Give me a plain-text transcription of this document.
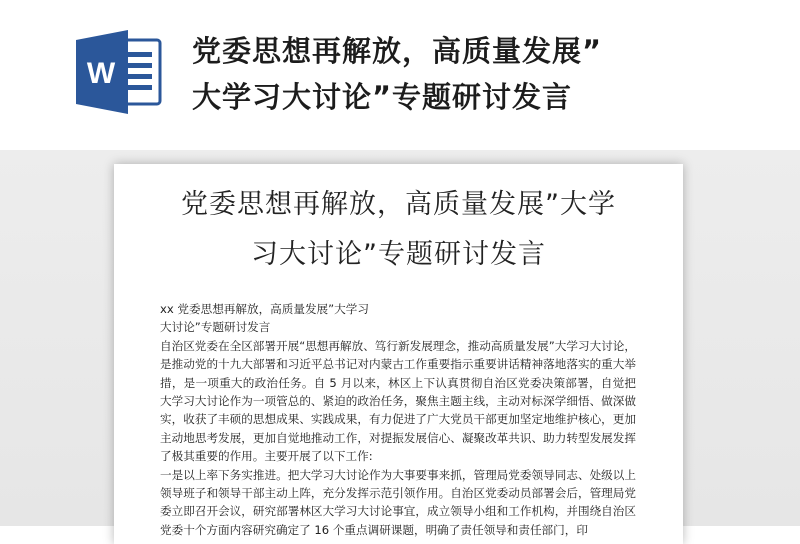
W
党委思想再解放，高质量发展”
大学习大讨论”专题研讨发言
党委思想再解放，高质量发展”大学
习大讨论”专题研讨发言

xx 党委思想再解放，高质量发展”大学习

大讨论”专题研讨发言

自治区党委在全区部署开展“思想再解放、笃行新发展理念，推动高质量发展”大学习大讨论，是推动党的十九大部署和习近平总书记对内蒙古工作重要指示重要讲话精神落地落实的重大举措，是一项重大的政治任务。自 5 月以来，林区上下认真贯彻自治区党委决策部署，自觉把大学习大讨论作为一项管总的、紧迫的政治任务，聚焦主题主线，主动对标深学细悟、做深做实，收获了丰硕的思想成果、实践成果，有力促进了广大党员干部更加坚定地维护核心，更加主动地思考发展，更加自觉地推动工作，对提振发展信心、凝聚改革共识、助力转型发展发挥了极其重要的作用。主要开展了以下工作:

一是以上率下务实推进。把大学习大讨论作为大事要事来抓，管理局党委领导同志、处级以上领导班子和领导干部主动上阵，充分发挥示范引领作用。自治区党委动员部署会后，管理局党委立即召开会议，研究部署林区大学习大讨论事宜，成立领导小组和工作机构，并围绕自治区党委十个方面内容研究确定了 16 个重点调研课题，明确了责任领导和责任部门，印
